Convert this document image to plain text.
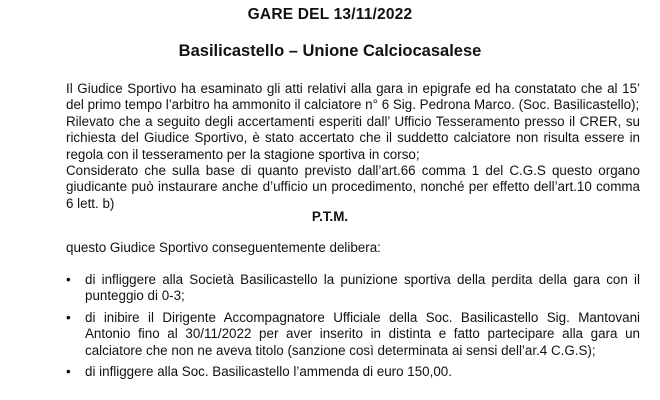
GARE DEL 13/11/2022
Basilicastello – Unione Calciocasalese

Il Giudice Sportivo ha esaminato gli atti relativi alla gara in epigrafe ed ha constatato che al 15’ del primo tempo l’arbitro ha ammonito il calciatore n° 6 Sig. Pedrona Marco. (Soc. Basilicastello);

Rilevato che a seguito degli accertamenti esperiti dall’ Ufficio Tesseramento presso il CRER, su richiesta del Giudice Sportivo, è stato accertato che il suddetto calciatore non risulta essere in regola con il tesseramento per la stagione sportiva in corso;

Considerato che sulla base di quanto previsto dall’art.66 comma 1 del C.G.S questo organo giudicante può instaurare anche d’ufficio un procedimento, nonché per effetto dell’art.10 comma 6 lett. b)

P.T.M.
questo Giudice Sportivo conseguentemente delibera:
• di infliggere alla Società Basilicastello la punizione sportiva della perdita della gara con il punteggio di 0-3;
• di inibire il Dirigente Accompagnatore Ufficiale della Soc. Basilicastello Sig. Mantovani Antonio fino al 30/11/2022 per aver inserito in distinta e fatto partecipare alla gara un calciatore che non ne aveva titolo (sanzione così determinata ai sensi dell’ar.4 C.G.S);
• di infliggere alla Soc. Basilicastello l’ammenda di euro 150,00.
